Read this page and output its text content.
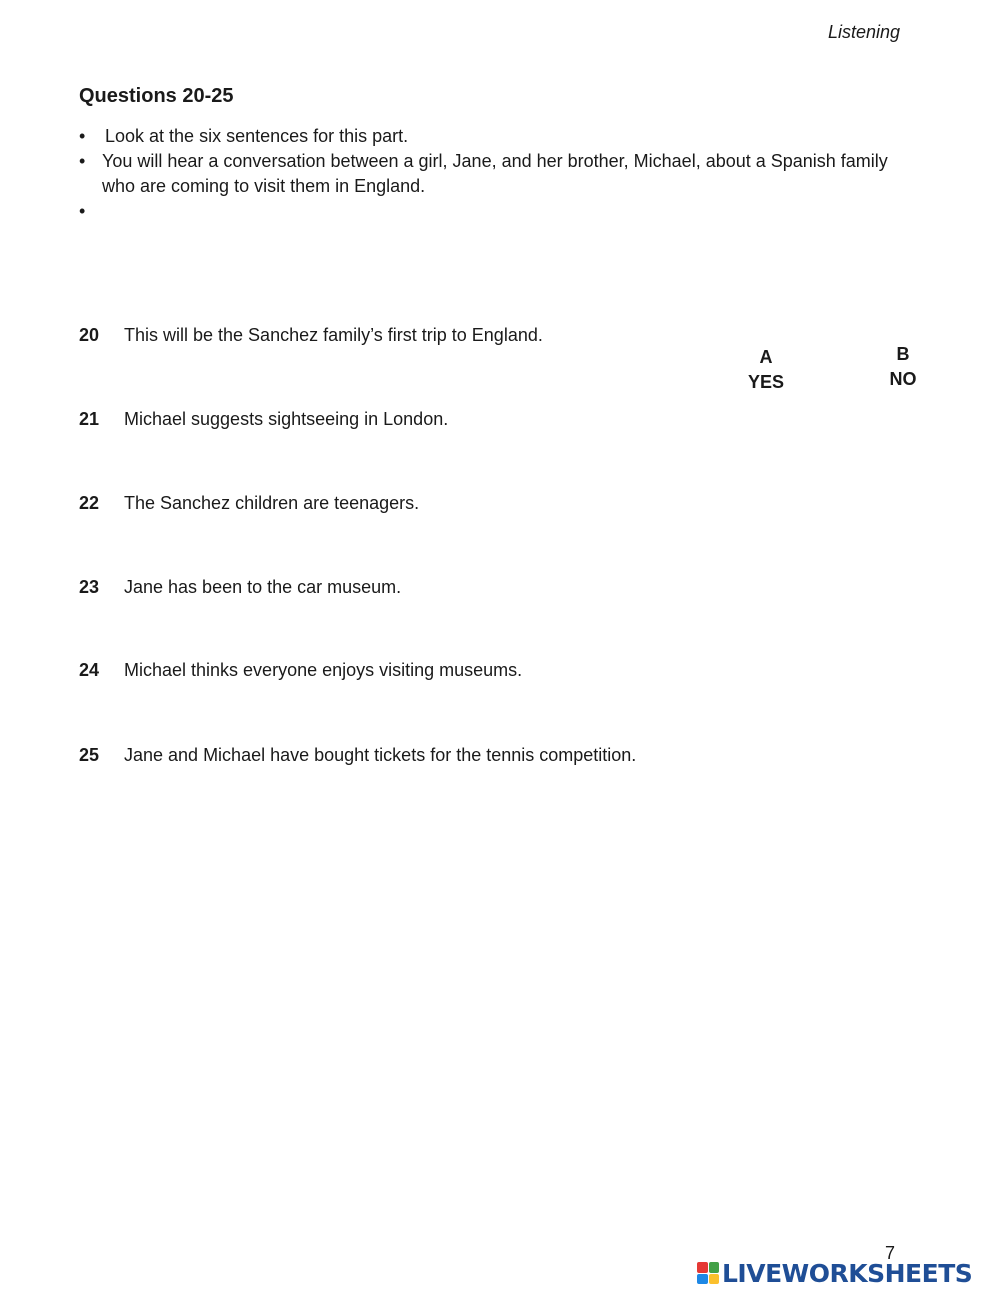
Listening
Questions 20-25
• Look at the six sentences for this part.
• You will hear a conversation between a girl, Jane, and her brother, Michael, about a Spanish family
who are coming to visit them in England.
•
A
YES
B
NO
20 This will be the Sanchez family’s first trip to England.
21 Michael suggests sightseeing in London.
22 The Sanchez children are teenagers.
23 Jane has been to the car museum.
24 Michael thinks everyone enjoys visiting museums.
25 Jane and Michael have bought tickets for the tennis competition.
7
LIVEWORKSHEETS
